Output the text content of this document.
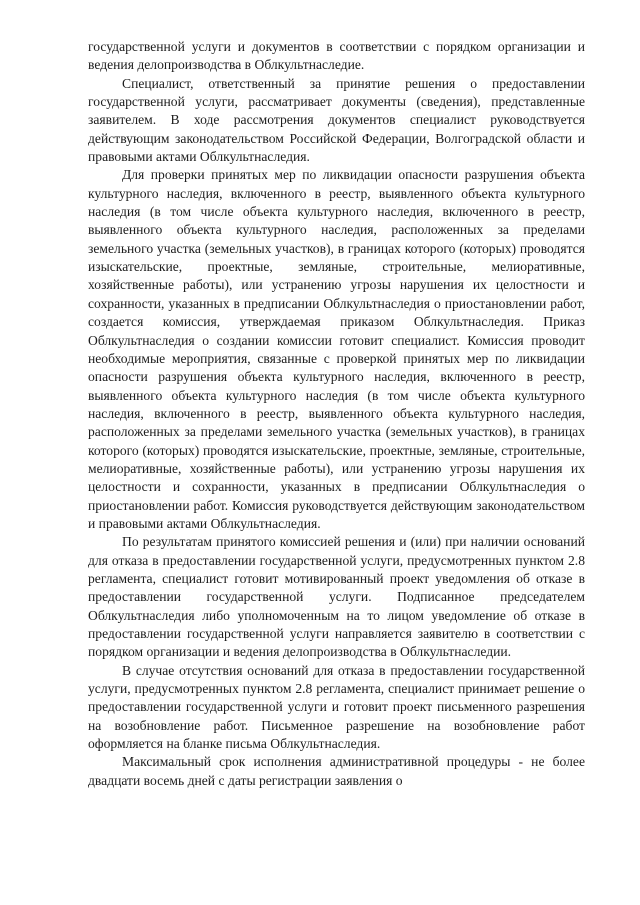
государственной услуги и документов в соответствии с порядком организации и ведения делопроизводства в Облкультнаследие.

Специалист, ответственный за принятие решения о предоставлении государственной услуги, рассматривает документы (сведения), представленные заявителем. В ходе рассмотрения документов специалист руководствуется действующим законодательством Российской Федерации, Волгоградской области и правовыми актами Облкультнаследия.

Для проверки принятых мер по ликвидации опасности разрушения объекта культурного наследия, включенного в реестр, выявленного объекта культурного наследия (в том числе объекта культурного наследия, включенного в реестр, выявленного объекта культурного наследия, расположенных за пределами земельного участка (земельных участков), в границах которого (которых) проводятся изыскательские, проектные, земляные, строительные, мелиоративные, хозяйственные работы), или устранению угрозы нарушения их целостности и сохранности, указанных в предписании Облкультнаследия о приостановлении работ, создается комиссия, утверждаемая приказом Облкультнаследия. Приказ Облкультнаследия о создании комиссии готовит специалист. Комиссия проводит необходимые мероприятия, связанные с проверкой принятых мер по ликвидации опасности разрушения объекта культурного наследия, включенного в реестр, выявленного объекта культурного наследия (в том числе объекта культурного наследия, включенного в реестр, выявленного объекта культурного наследия, расположенных за пределами земельного участка (земельных участков), в границах которого (которых) проводятся изыскательские, проектные, земляные, строительные, мелиоративные, хозяйственные работы), или устранению угрозы нарушения их целостности и сохранности, указанных в предписании Облкультнаследия о приостановлении работ. Комиссия руководствуется действующим законодательством и правовыми актами Облкультнаследия.

По результатам принятого комиссией решения и (или) при наличии оснований для отказа в предоставлении государственной услуги, предусмотренных пунктом 2.8 регламента, специалист готовит мотивированный проект уведомления об отказе в предоставлении государственной услуги. Подписанное председателем Облкультнаследия либо уполномоченным на то лицом уведомление об отказе в предоставлении государственной услуги направляется заявителю в соответствии с порядком организации и ведения делопроизводства в Облкультнаследии.

В случае отсутствия оснований для отказа в предоставлении государственной услуги, предусмотренных пунктом 2.8 регламента, специалист принимает решение о предоставлении государственной услуги и готовит проект письменного разрешения на возобновление работ. Письменное разрешение на возобновление работ оформляется на бланке письма Облкультнаследия.

Максимальный срок исполнения административной процедуры - не более двадцати восемь дней с даты регистрации заявления о
